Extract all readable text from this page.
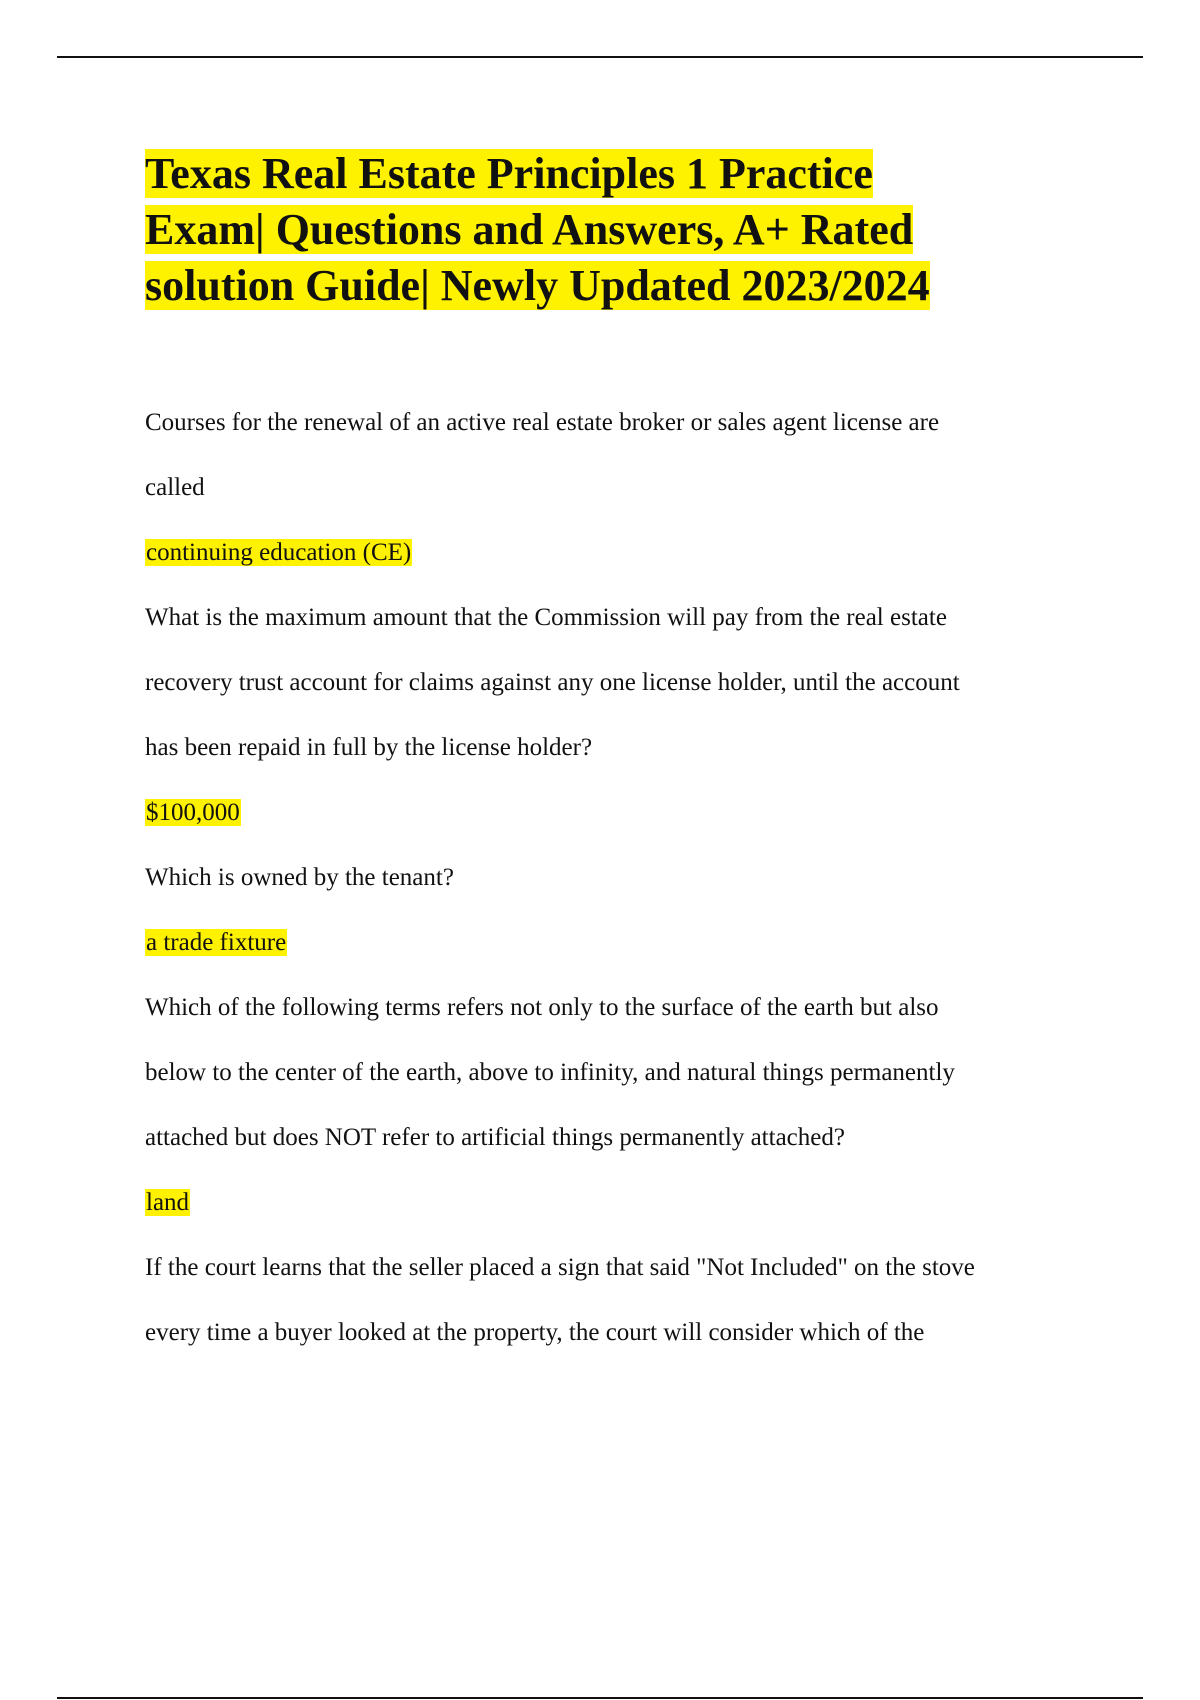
Texas Real Estate Principles 1 Practice
Exam| Questions and Answers, A+ Rated
solution Guide| Newly Updated 2023/2024
Courses for the renewal of an active real estate broker or sales agent license are
called
continuing education (CE)
What is the maximum amount that the Commission will pay from the real estate
recovery trust account for claims against any one license holder, until the account
has been repaid in full by the license holder?
$100,000
Which is owned by the tenant?
a trade fixture
Which of the following terms refers not only to the surface of the earth but also
below to the center of the earth, above to infinity, and natural things permanently
attached but does NOT refer to artificial things permanently attached?
land
If the court learns that the seller placed a sign that said "Not Included" on the stove
every time a buyer looked at the property, the court will consider which of the
